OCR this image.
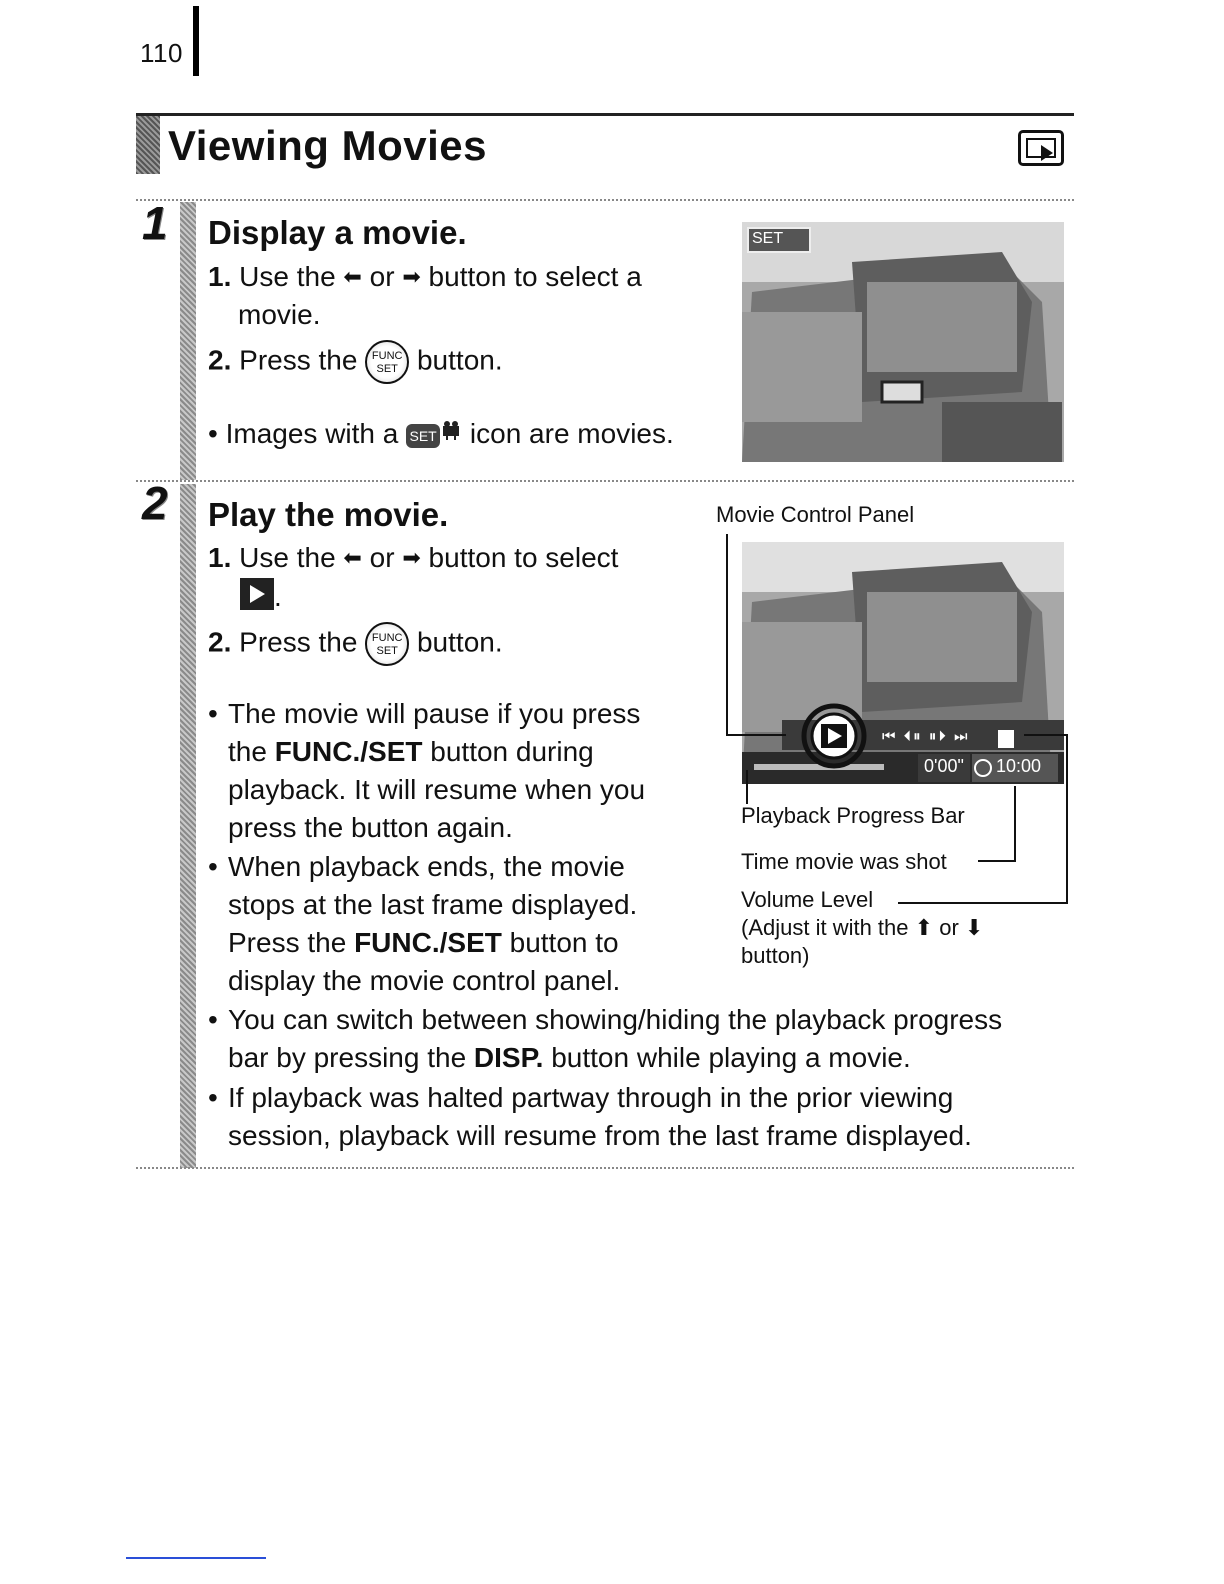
110
Viewing Movies
1 Display a movie.
1. Use the ⬅ or ➡ button to select a
movie.
2. Press the	FUNC
SET button.
• Images with a SET icon are movies.
SET
2 Play the movie.
1. Use the ⬅ or ➡ button to select
.
2. Press the	FUNC
SET button.
• The movie will pause if you press
the FUNC./SET button during
playback. It will resume when you
press the button again.
• When playback ends, the movie
stops at the last frame displayed.
Press the FUNC./SET button to
display the movie control panel.
• You can switch between showing/hiding the playback progress
bar by pressing the DISP. button while playing a movie.
• If playback was halted partway through in the prior viewing
session, playback will resume from the last frame displayed.
Movie Control Panel
⏮ ⏴⏸ ⏸⏵ ⏭
0'00" 10:00
Playback Progress Bar
Time movie was shot
Volume Level
(Adjust it with the ⬆ or ⬇
button)
